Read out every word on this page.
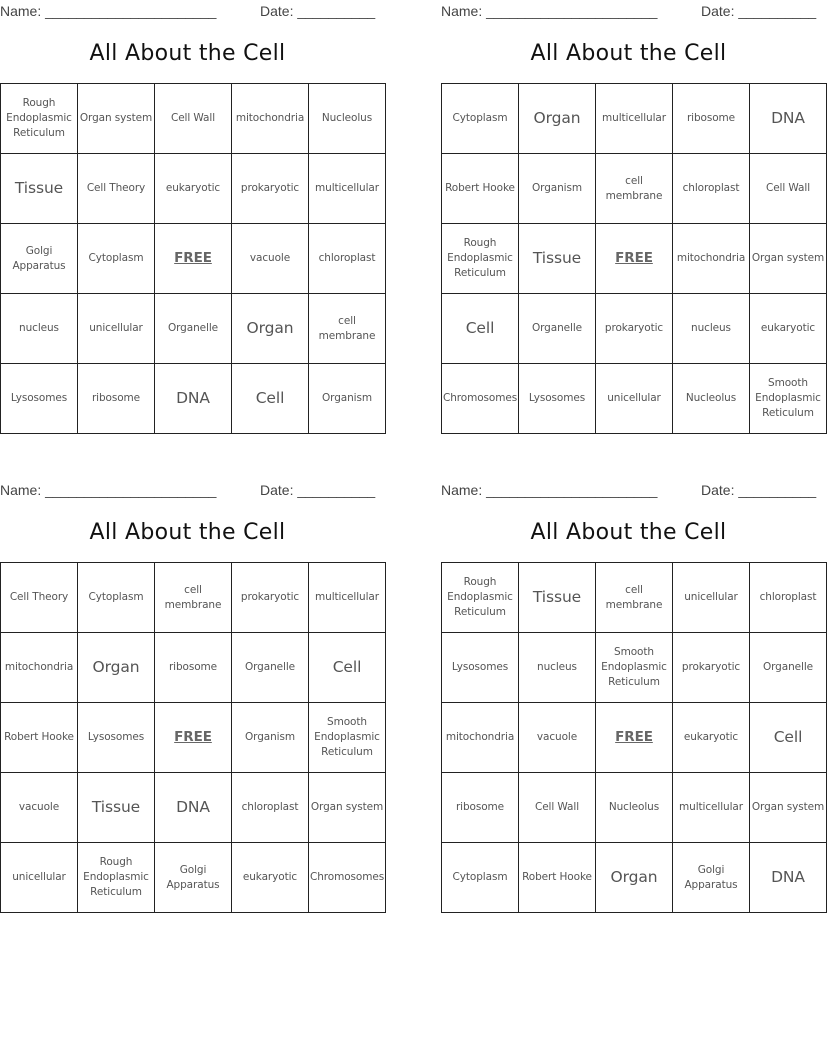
Name: ______________________	Date: __________
All About the Cell
Rough Endoplasmic Reticulum	Organ system	Cell Wall	mitochondria	Nucleolus
Tissue	Cell Theory	eukaryotic	prokaryotic	multicellular
Golgi Apparatus	Cytoplasm	FREE	vacuole	chloroplast
nucleus	unicellular	Organelle	Organ	cell membrane
Lysosomes	ribosome	DNA	Cell	Organism
Name: ______________________	Date: __________
All About the Cell
Cytoplasm	Organ	multicellular	ribosome	DNA
Robert Hooke	Organism	cell membrane	chloroplast	Cell Wall
Rough Endoplasmic Reticulum	Tissue	FREE	mitochondria	Organ system
Cell	Organelle	prokaryotic	nucleus	eukaryotic
Chromosomes	Lysosomes	unicellular	Nucleolus	Smooth Endoplasmic Reticulum
Name: ______________________	Date: __________
All About the Cell
Cell Theory	Cytoplasm	cell membrane	prokaryotic	multicellular
mitochondria	Organ	ribosome	Organelle	Cell
Robert Hooke	Lysosomes	FREE	Organism	Smooth Endoplasmic Reticulum
vacuole	Tissue	DNA	chloroplast	Organ system
unicellular	Rough Endoplasmic Reticulum	Golgi Apparatus	eukaryotic	Chromosomes
Name: ______________________	Date: __________
All About the Cell
Rough Endoplasmic Reticulum	Tissue	cell membrane	unicellular	chloroplast
Lysosomes	nucleus	Smooth Endoplasmic Reticulum	prokaryotic	Organelle
mitochondria	vacuole	FREE	eukaryotic	Cell
ribosome	Cell Wall	Nucleolus	multicellular	Organ system
Cytoplasm	Robert Hooke	Organ	Golgi Apparatus	DNA
